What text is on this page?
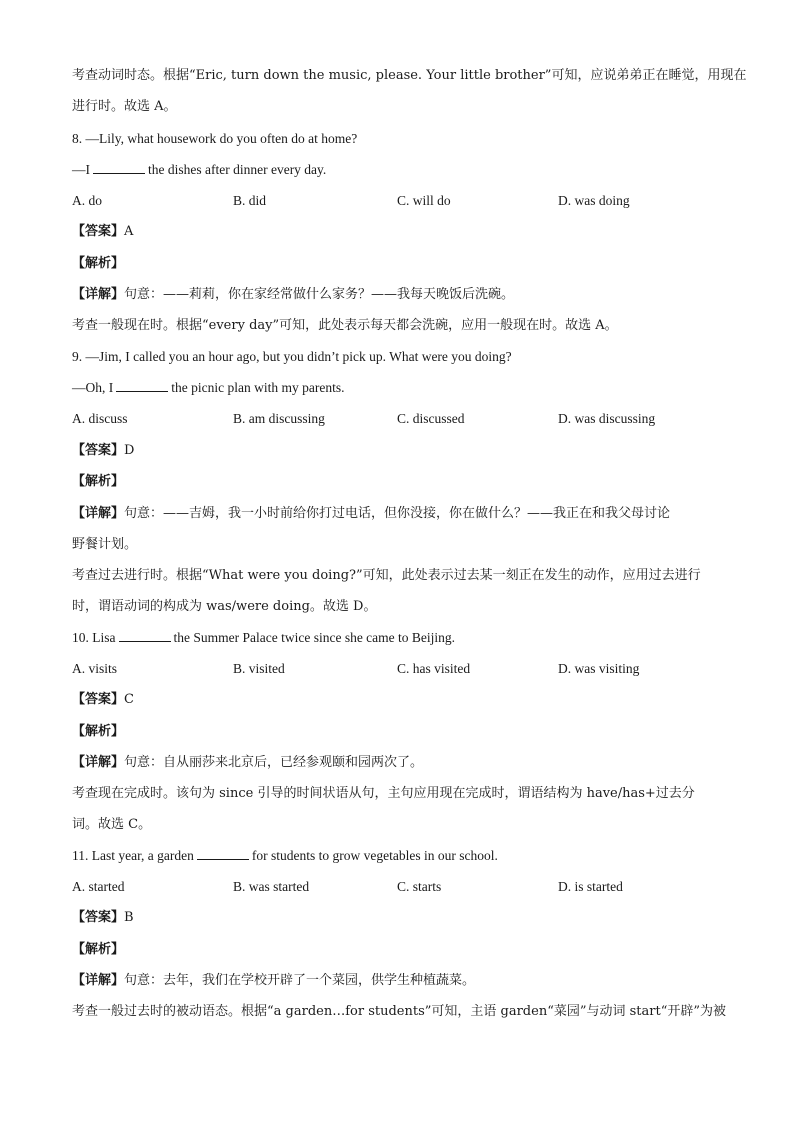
考查动词时态。根据“Eric, turn down the music, please. Your little brother”可知，应说弟弟正在睡觉，用现在
进行时。故选 A。
8. —Lily, what housework do you often do at home?
—I	the dishes after dinner every day.
A. do	B. did	C. will do	D. was doing
【答案】A
【解析】
【详解】句意：——莉莉，你在家经常做什么家务？——我每天晚饭后洗碗。
考查一般现在时。根据“every day”可知，此处表示每天都会洗碗，应用一般现在时。故选 A。
9. —Jim, I called you an hour ago, but you didn’t pick up. What were you doing?
—Oh, I	the picnic plan with my parents.
A. discuss	B. am discussing	C. discussed	D. was discussing
【答案】D
【解析】
【详解】句意：——吉姆，我一小时前给你打过电话，但你没接，你在做什么？——我正在和我父母讨论
野餐计划。
考查过去进行时。根据“What were you doing?”可知，此处表示过去某一刻正在发生的动作，应用过去进行
时，谓语动词的构成为 was/were doing。故选 D。
10. Lisa	the Summer Palace twice since she came to Beijing.
A. visits	B. visited	C. has visited	D. was visiting
【答案】C
【解析】
【详解】句意：自从丽莎来北京后，已经参观颐和园两次了。
考查现在完成时。该句为 since 引导的时间状语从句，主句应用现在完成时，谓语结构为 have/has+过去分
词。故选 C。
11. Last year, a garden	for students to grow vegetables in our school.
A. started	B. was started	C. starts	D. is started
【答案】B
【解析】
【详解】句意：去年，我们在学校开辟了一个菜园，供学生种植蔬菜。
考查一般过去时的被动语态。根据“a garden…for students”可知，主语 garden“菜园”与动词 start“开辟”为被
